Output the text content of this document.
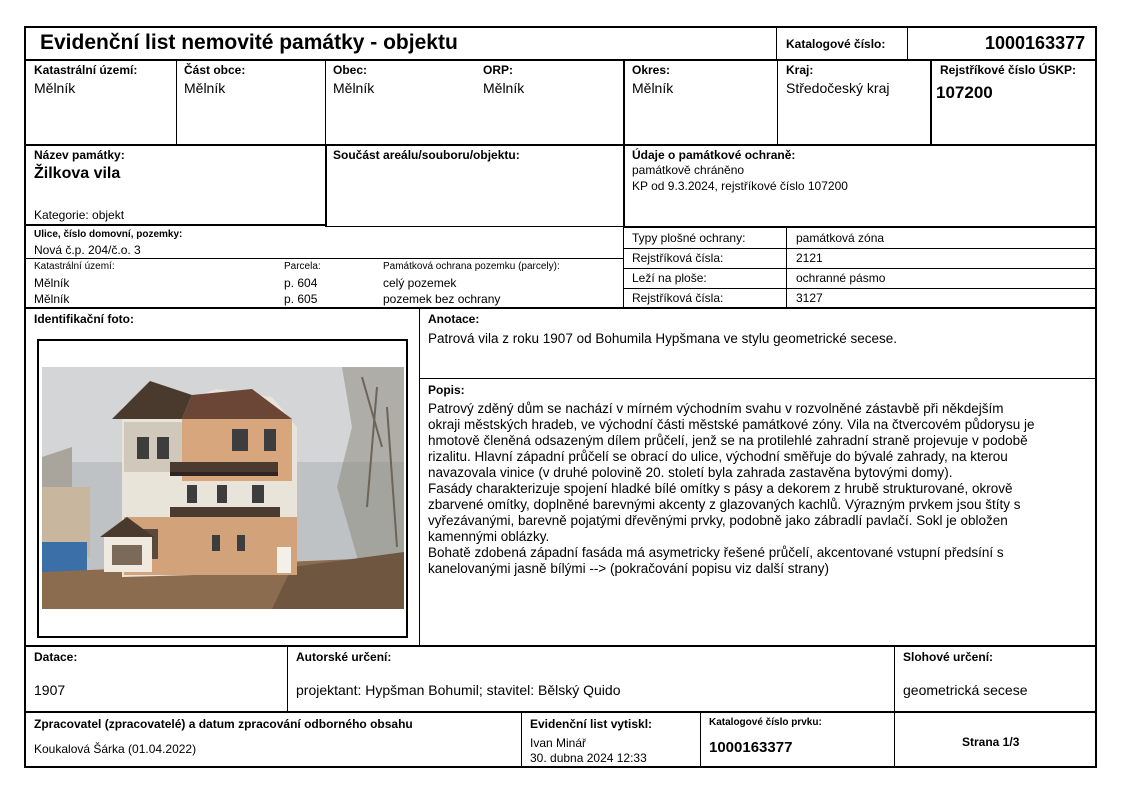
Evidenční list nemovité památky - objektu	Katalogové číslo:	1000163377
Katastrální území:
Mělník
Část obce:
Mělník
Obec:
Mělník
ORP:
Mělník
Okres:
Mělník
Kraj:
Středočeský kraj
Rejstříkové číslo ÚSKP:
107200
Název památky:
Žilkova vila
Kategorie: objekt
Součást areálu/souboru/objektu:	Údaje o památkové ochraně:
památkově chráněno
KP od 9.3.2024, rejstříkové číslo 107200
Ulice, číslo domovní, pozemky:
Nová č.p. 204/č.o. 3
Katastrální území:	Parcela:	Památková ochrana pozemku (parcely):
Mělník	p. 604	celý pozemek
Mělník	p. 605	pozemek bez ochrany
Typy plošné ochrany:	památková zóna
Rejstříková čísla:	2121
Leží na ploše:	ochranné pásmo
Rejstříková čísla:	3127
Identifikační foto:	Anotace:
Patrová vila z roku 1907 od Bohumila Hypšmana ve stylu geometrické secese.
Popis:
Patrový zděný dům se nachází v mírném východním svahu v rozvolněné zástavbě při někdejším
okraji městských hradeb, ve východní části městské památkové zóny. Vila na čtvercovém půdorysu je
hmotově členěná odsazeným dílem průčelí, jenž se na protilehlé zahradní straně projevuje v podobě
rizalitu. Hlavní západní průčelí se obrací do ulice, východní směřuje do bývalé zahrady, na kterou
navazovala vinice (v druhé polovině 20. století byla zahrada zastavěna bytovými domy).
Fasády charakterizuje spojení hladké bílé omítky s pásy a dekorem z hrubě strukturované, okrově
zbarvené omítky, doplněné barevnými akcenty z glazovaných kachlů. Výrazným prvkem jsou štíty s
vyřezávanými, barevně pojatými dřevěnými prvky, podobně jako zábradlí pavlačí. Sokl je obložen
kamennými oblázky.
Bohatě zdobená západní fasáda má asymetricky řešené průčelí, akcentované vstupní předsíní s
kanelovanými jasně bílými --> (pokračování popisu viz další strany)
Datace:
1907
Autorské určení:
projektant: Hypšman Bohumil; stavitel: Bělský Quido
Slohové určení:
geometrická secese
Zpracovatel (zpracovatelé) a datum zpracování odborného obsahu
Koukalová Šárka (01.04.2022)
Evidenční list vytiskl:
Ivan Minář
30. dubna 2024 12:33
Katalogové číslo prvku:
1000163377	Strana 1/3
